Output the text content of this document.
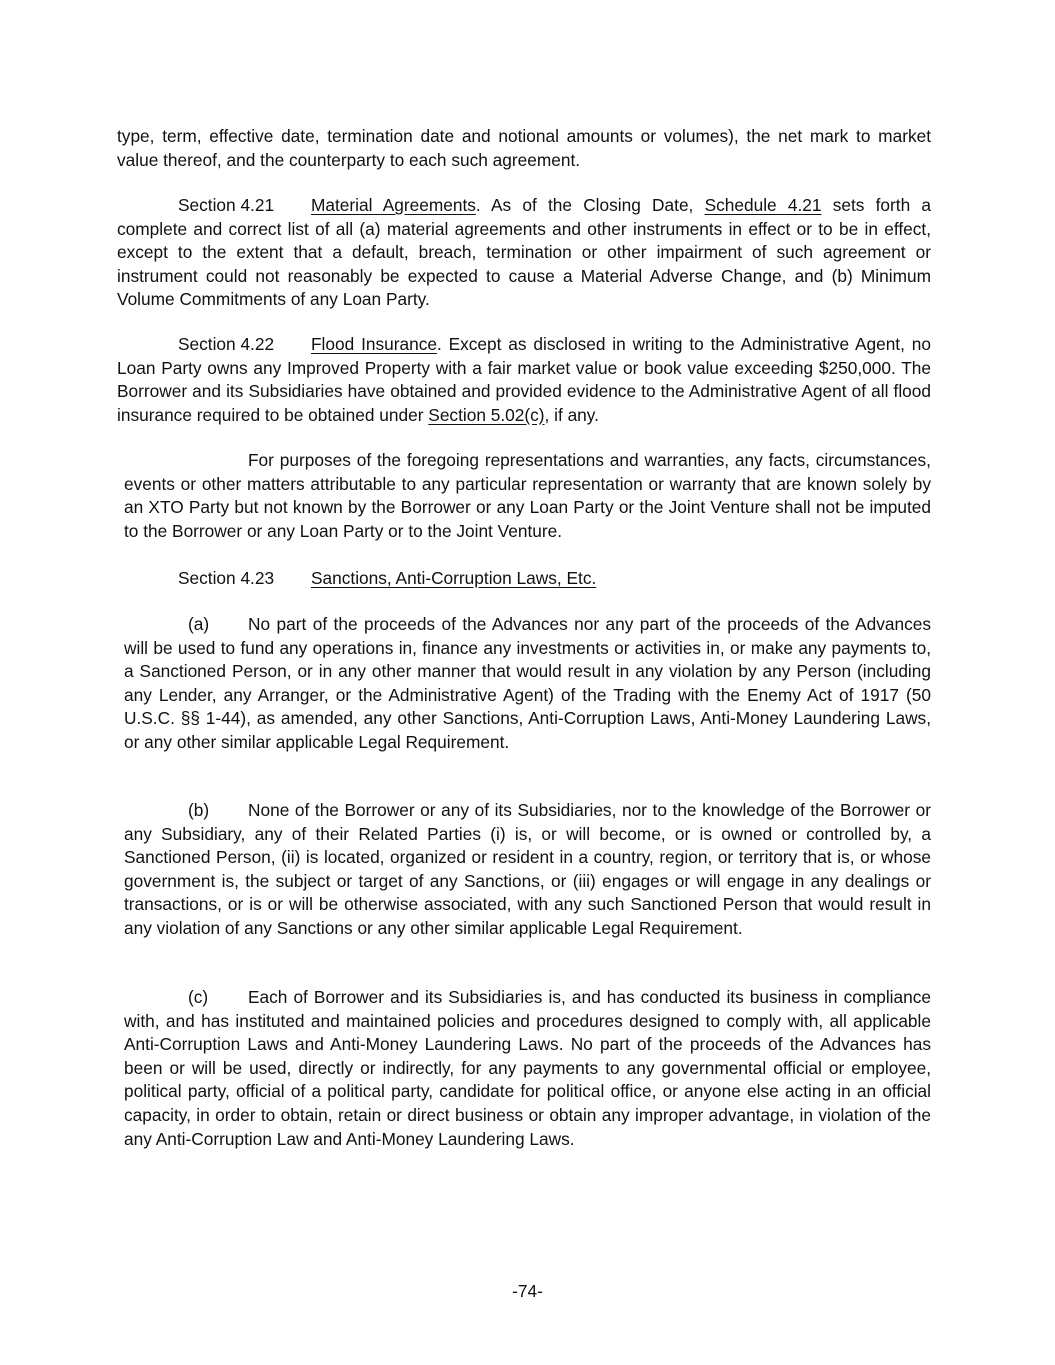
type, term, effective date, termination date and notional amounts or volumes), the net mark to market value thereof, and the counterparty to each such agreement.

Section 4.21 Material Agreements. As of the Closing Date, Schedule 4.21 sets forth a complete and correct list of all (a) material agreements and other instruments in effect or to be in effect, except to the extent that a default, breach, termination or other impairment of such agreement or instrument could not reasonably be expected to cause a Material Adverse Change, and (b) Minimum Volume Commitments of any Loan Party.

Section 4.22 Flood Insurance. Except as disclosed in writing to the Administrative Agent, no Loan Party owns any Improved Property with a fair market value or book value exceeding $250,000. The Borrower and its Subsidiaries have obtained and provided evidence to the Administrative Agent of all flood insurance required to be obtained under Section 5.02(c), if any.

For purposes of the foregoing representations and warranties, any facts, circumstances, events or other matters attributable to any particular representation or warranty that are known solely by an XTO Party but not known by the Borrower or any Loan Party or the Joint Venture shall not be imputed to the Borrower or any Loan Party or to the Joint Venture.

Section 4.23 Sanctions, Anti-Corruption Laws, Etc.

(a) No part of the proceeds of the Advances nor any part of the proceeds of the Advances will be used to fund any operations in, finance any investments or activities in, or make any payments to, a Sanctioned Person, or in any other manner that would result in any violation by any Person (including any Lender, any Arranger, or the Administrative Agent) of the Trading with the Enemy Act of 1917 (50 U.S.C. §§ 1-44), as amended, any other Sanctions, Anti-Corruption Laws, Anti-Money Laundering Laws, or any other similar applicable Legal Requirement.

(b) None of the Borrower or any of its Subsidiaries, nor to the knowledge of the Borrower or any Subsidiary, any of their Related Parties (i) is, or will become, or is owned or controlled by, a Sanctioned Person, (ii) is located, organized or resident in a country, region, or territory that is, or whose government is, the subject or target of any Sanctions, or (iii) engages or will engage in any dealings or transactions, or is or will be otherwise associated, with any such Sanctioned Person that would result in any violation of any Sanctions or any other similar applicable Legal Requirement.

(c) Each of Borrower and its Subsidiaries is, and has conducted its business in compliance with, and has instituted and maintained policies and procedures designed to comply with, all applicable Anti-Corruption Laws and Anti-Money Laundering Laws. No part of the proceeds of the Advances has been or will be used, directly or indirectly, for any payments to any governmental official or employee, political party, official of a political party, candidate for political office, or anyone else acting in an official capacity, in order to obtain, retain or direct business or obtain any improper advantage, in violation of the any Anti-Corruption Law and Anti-Money Laundering Laws.

-74-
